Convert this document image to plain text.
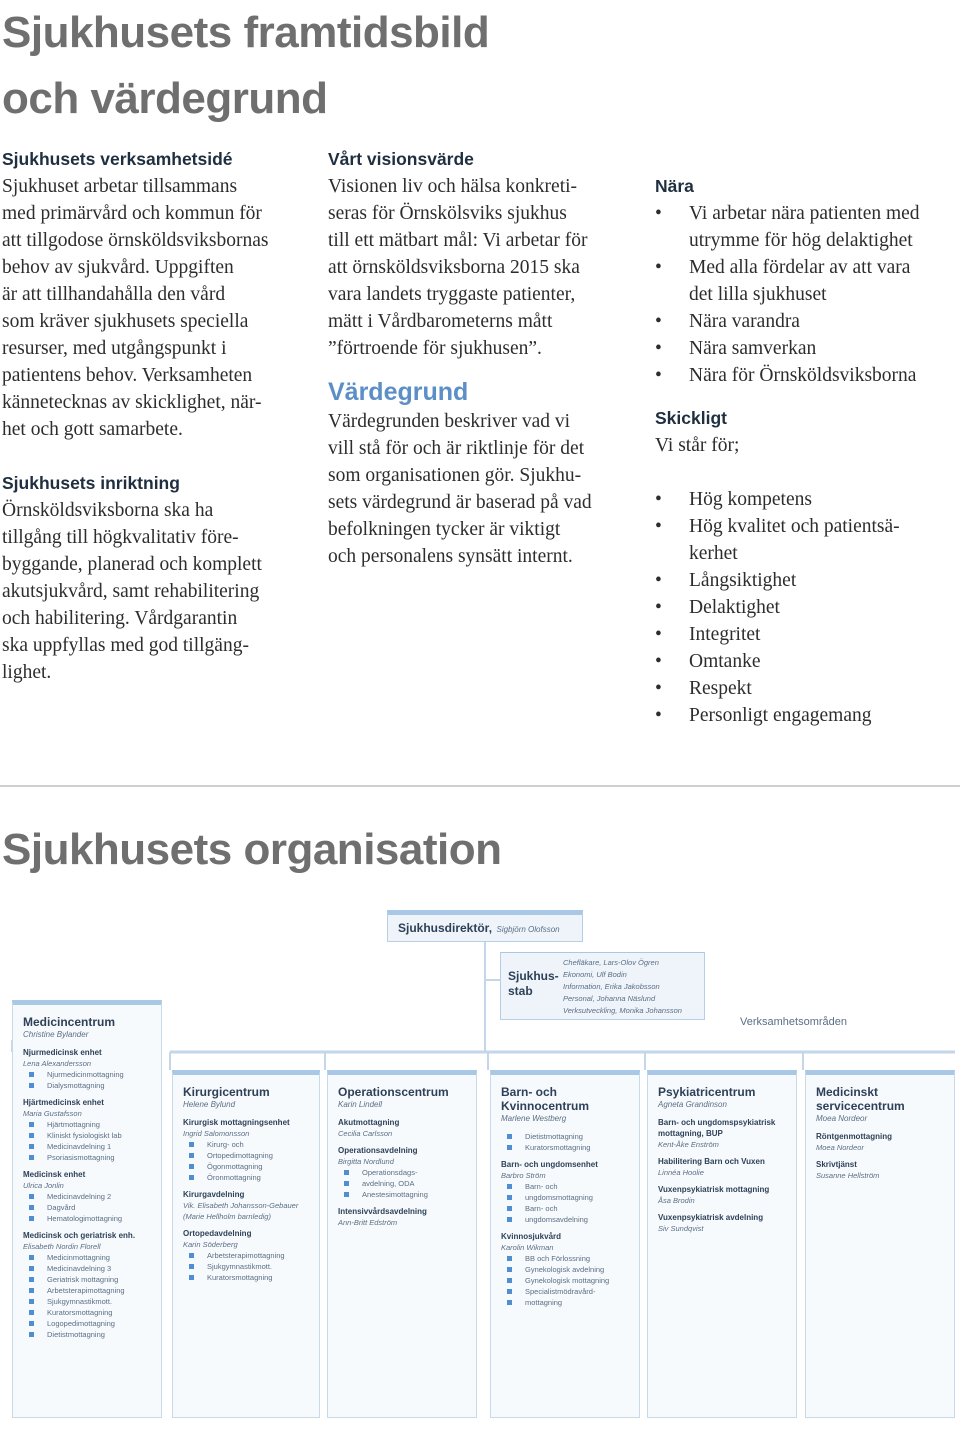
Sjukhusets framtidsbild
och värdegrund
Sjukhusets verksamhetsidé
Sjukhuset arbetar tillsammans
med primärvård och kommun för
att tillgodose örnsköldsviksbornas
behov av sjukvård. Uppgiften
är att tillhandahålla den vård
som kräver sjukhusets speciella
resurser, med utgångspunkt i
patientens behov. Verksamheten
kännetecknas av skicklighet, när-
het och gott samarbete.
Sjukhusets inriktning
Örnsköldsviksborna ska ha
tillgång till högkvalitativ före-
byggande, planerad och komplett
akutsjukvård, samt rehabilitering
och habilitering. Vårdgarantin
ska uppfyllas med god tillgäng-
lighet.
Vårt visionsvärde
Visionen liv och hälsa konkreti-
seras för Örnskölsviks sjukhus
till ett mätbart mål: Vi arbetar för
att örnsköldsviksborna 2015 ska
vara landets tryggaste patienter,
mätt i Vårdbarometerns mått
”förtroende för sjukhusen”.
Värdegrund
Värdegrunden beskriver vad vi
vill stå för och är riktlinje för det
som organisationen gör. Sjukhu-
sets värdegrund är baserad på vad
befolkningen tycker är viktigt
och personalens synsätt internt.
Nära
•	Vi arbetar nära patienten med
utrymme för hög delaktighet
•	Med alla fördelar av att vara
det lilla sjukhuset
•	Nära varandra
•	Nära samverkan
•	Nära för Örnsköldsviksborna
Skickligt
Vi står för;
•	Hög kompetens
•	Hög kvalitet och patientsä-
kerhet
•	Långsiktighet
•	Delaktighet
•	Integritet
•	Omtanke
•	Respekt
•	Personligt engagemang
Sjukhusets organisation
Sjukhusdirektör, Sigbjörn Olofsson
Sjukhus-
stab
Chefläkare, Lars-Olov Ögren
Ekonomi, Ulf Bodin
Information, Erika Jakobsson
Personal, Johanna Näslund
Verksutveckling, Monika Johansson
Verksamhetsområden
Medicincentrum
Christine Bylander
Njurmedicinsk enhet
Lena Alexandersson
Njurmedicinmottagning
Dialysmottagning
Hjärtmedicinsk enhet
Maria Gustafsson
Hjärtmottagning
Kliniskt fysiologiskt lab
Medicinavdelning 1
Psoriasismottagning
Medicinsk enhet
Ulrica Jonlin
Medicinavdelning 2
Dagvård
Hematologimottagning
Medicinsk och geriatrisk enh.
Elisabeth Nordin Florell
Medicinmottagning
Medicinavdelning 3
Geriatrisk mottagning
Arbetsterapimottagning
Sjukgymnastikmott.
Kuratorsmottagning
Logopedimottagning
Dietistmottagning
Kirurgicentrum
Helene Bylund
Kirurgisk mottagningsenhet
Ingrid Salomonsson
Kirurg- och
Ortopedimottagning
Ögonmottagning
Öronmottagning
Kirurgavdelning
Vik. Elisabeth Johansson-Gebauer (Marie Hellholm barnledig)
Ortopedavdelning
Karin Söderberg
Arbetsterapimottagning
Sjukgymnastikmott.
Kuratorsmottagning
Operationscentrum
Karin Lindell
Akutmottagning
Cecilia Carlsson
Operationsavdelning
Birgitta Nordlund
Operationsdags-
avdelning, ODA
Anestesimottagning
Intensivvårdsavdelning
Ann-Britt Edström
Barn- och Kvinnocentrum
Marlene Westberg
Dietistmottagning
Kuratorsmottagning
Barn- och ungdomsenhet
Barbro Ström
Barn- och
ungdomsmottagning
Barn- och
ungdomsavdelning
Kvinnosjukvård
Karolin Wikman
BB och Förlossning
Gynekologisk avdelning
Gynekologisk mottagning
Specialistmödravård-
mottagning
Psykiatricentrum
Agneta Grandinson
Barn- och ungdomspsykiatrisk mottagning, BUP
Kent-Åke Enström
Habilitering Barn och Vuxen
Linnéa Hoolie
Vuxenpsykiatrisk mottagning
Åsa Brodin
Vuxenpsykiatrisk avdelning
Siv Sundqvist
Medicinskt servicecentrum
Moea Nordeor
Röntgenmottagning
Moea Nordeor
Skrivtjänst
Susanne Hellström
